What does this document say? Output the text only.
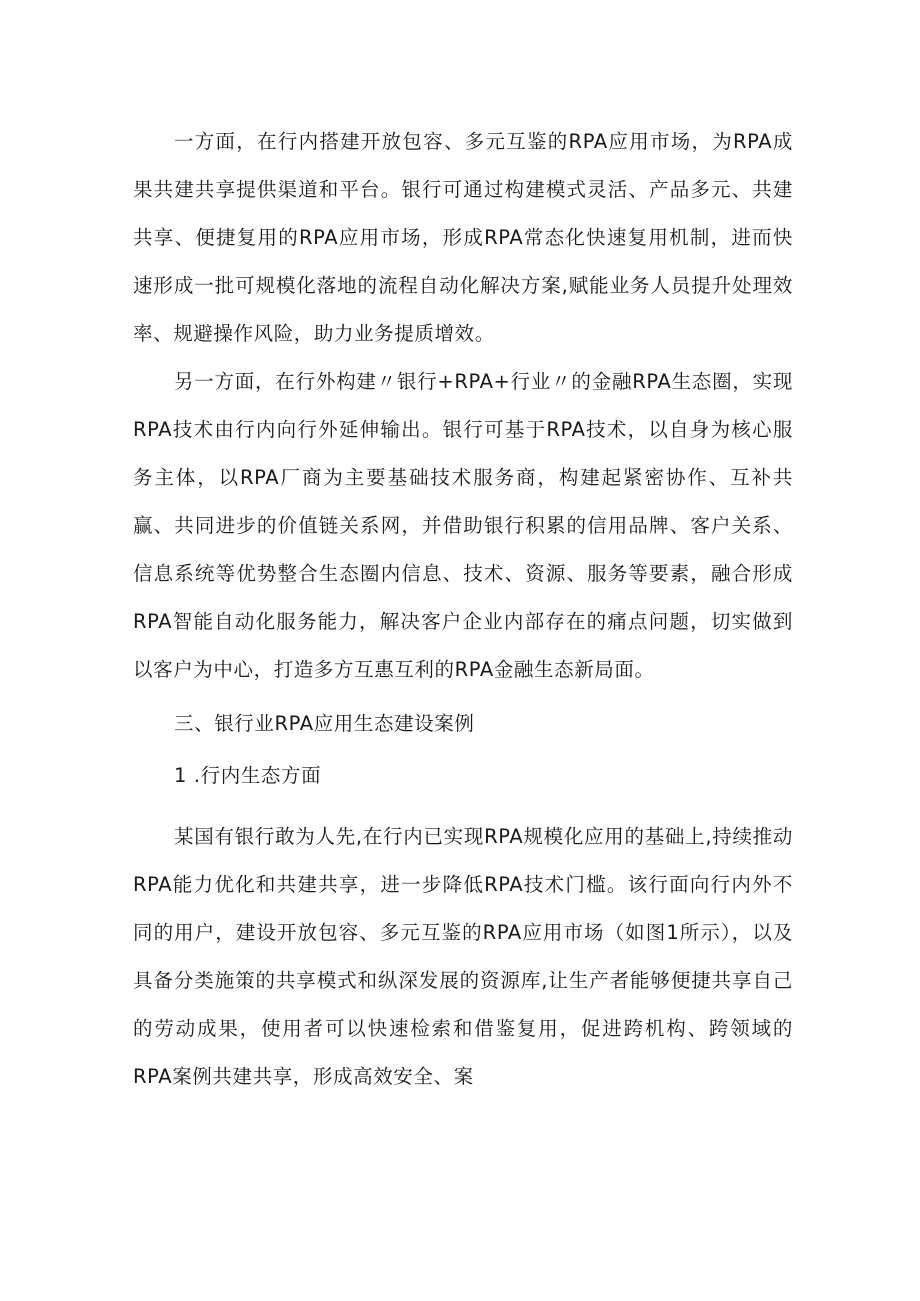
一方面，在行内搭建开放包容、多元互鉴的RPA应用市场，为RPA成果共建共享提供渠道和平台。银行可通过构建模式灵活、产品多元、共建共享、便捷复用的RPA应用市场，形成RPA常态化快速复用机制，进而快速形成一批可规模化落地的流程自动化解决方案,赋能业务人员提升处理效率、规避操作风险，助力业务提质增效。

另一方面，在行外构建〃银行+RPA+行业〃的金融RPA生态圈，实现RPA技术由行内向行外延伸输出。银行可基于RPA技术，以自身为核心服务主体，以RPA厂商为主要基础技术服务商，构建起紧密协作、互补共赢、共同进步的价值链关系网，并借助银行积累的信用品牌、客户关系、信息系统等优势整合生态圈内信息、技术、资源、服务等要素，融合形成RPA智能自动化服务能力，解决客户企业内部存在的痛点问题，切实做到以客户为中心，打造多方互惠互利的RPA金融生态新局面。

三、银行业RPA应用生态建设案例

1 .行内生态方面

某国有银行敢为人先,在行内已实现RPA规模化应用的基础上,持续推动RPA能力优化和共建共享，进一步降低RPA技术门槛。该行面向行内外不同的用户，建设开放包容、多元互鉴的RPA应用市场（如图1所示），以及具备分类施策的共享模式和纵深发展的资源库,让生产者能够便捷共享自己的劳动成果，使用者可以快速检索和借鉴复用，促进跨机构、跨领域的RPA案例共建共享，形成高效安全、案
